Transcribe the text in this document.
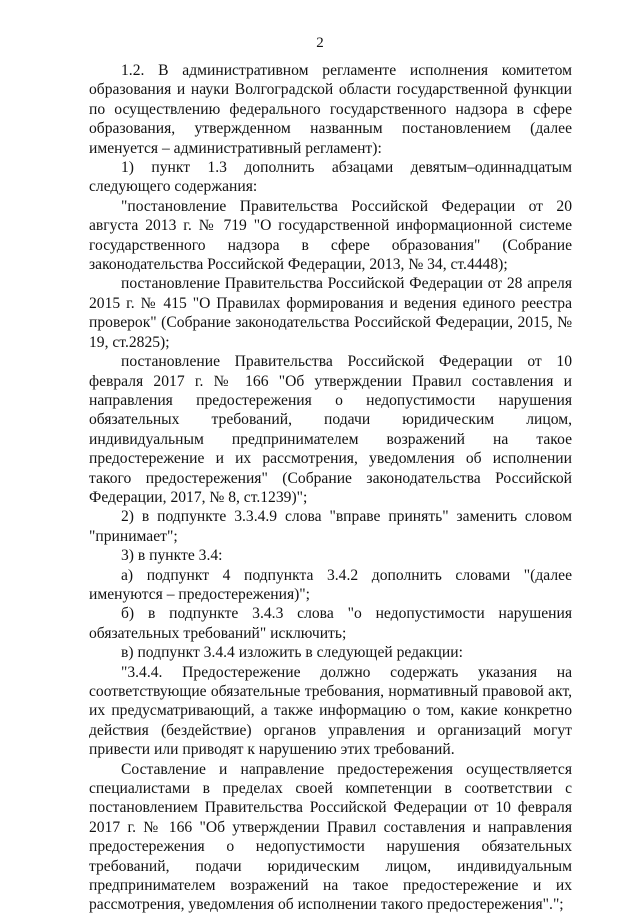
2

1.2. В административном регламенте исполнения комитетом образования и науки Волгоградской области государственной функции по осуществлению федерального государственного надзора в сфере образования, утвержденном названным постановлением (далее именуется – административный регламент):

1) пункт 1.3 дополнить абзацами девятым–одиннадцатым следующего содержания:

"постановление Правительства Российской Федерации от 20 августа 2013 г. № 719 "О государственной информационной системе государственного надзора в сфере образования" (Собрание законодательства Российской Федерации, 2013, № 34, ст.4448);

постановление Правительства Российской Федерации от 28 апреля 2015 г. № 415 "О Правилах формирования и ведения единого реестра проверок" (Собрание законодательства Российской Федерации, 2015, № 19, ст.2825);

постановление Правительства Российской Федерации от 10 февраля 2017 г. № 166 "Об утверждении Правил составления и направления предостережения о недопустимости нарушения обязательных требований, подачи юридическим лицом, индивидуальным предпринимателем возражений на такое предостережение и их рассмотрения, уведомления об исполнении такого предостережения" (Собрание законодательства Российской Федерации, 2017, № 8, ст.1239)";

2) в подпункте 3.3.4.9 слова "вправе принять" заменить словом "принимает";

3) в пункте 3.4:

а) подпункт 4 подпункта 3.4.2 дополнить словами "(далее именуются – предостережения)";

б) в подпункте 3.4.3 слова "о недопустимости нарушения обязательных требований" исключить;

в) подпункт 3.4.4 изложить в следующей редакции:

"3.4.4. Предостережение должно содержать указания на соответствующие обязательные требования, нормативный правовой акт, их предусматривающий, а также информацию о том, какие конкретно действия (бездействие) органов управления и организаций могут привести или приводят к нарушению этих требований.

Составление и направление предостережения осуществляется специалистами в пределах своей компетенции в соответствии с постановлением Правительства Российской Федерации от 10 февраля 2017 г. № 166 "Об утверждении Правил составления и направления предостережения о недопустимости нарушения обязательных требований, подачи юридическим лицом, индивидуальным предпринимателем возражений на такое предостережение и их рассмотрения, уведомления об исполнении такого предостережения".";
